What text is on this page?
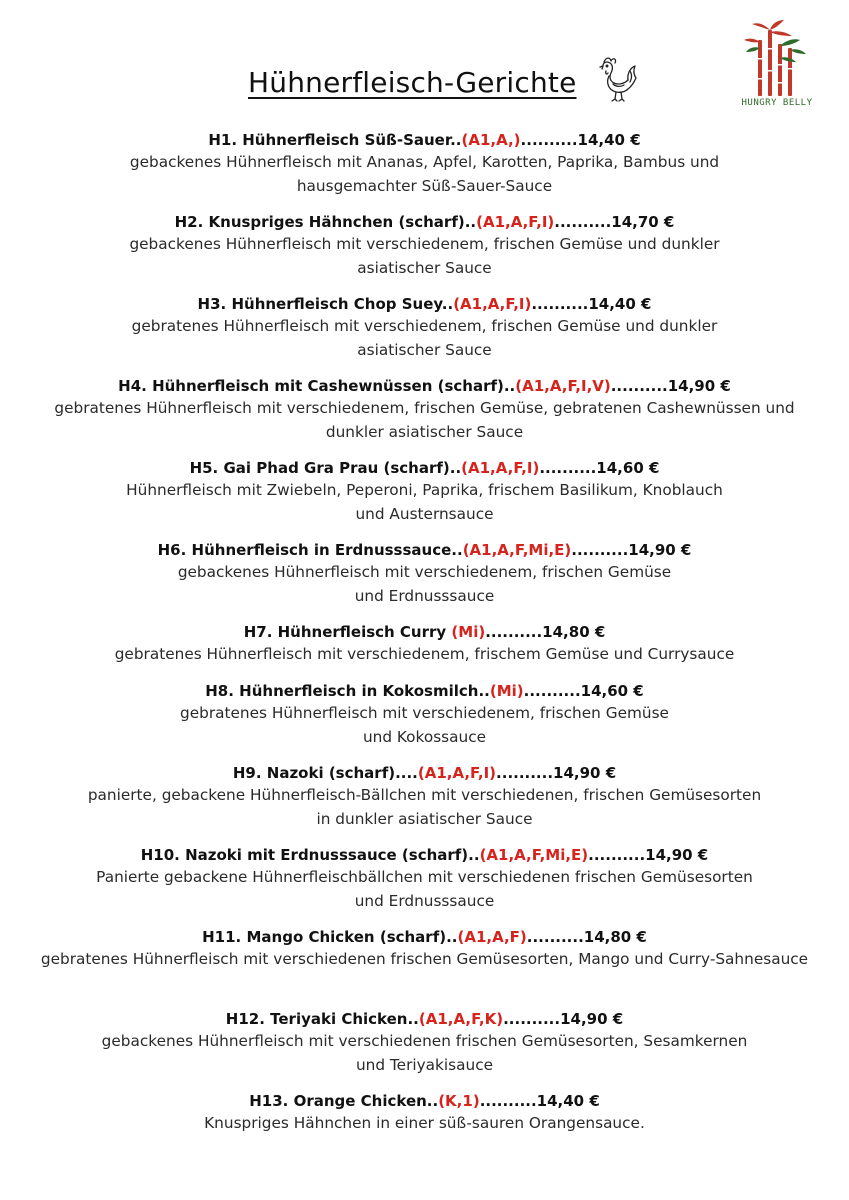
Hühnerfleisch-Gerichte
HUNGRY BELLY
H1. Hühnerfleisch Süß-Sauer..(A1,A,)..........14,40 €
gebackenes Hühnerfleisch mit Ananas, Apfel, Karotten, Paprika, Bambus und
hausgemachter Süß-Sauer-Sauce
H2. Knuspriges Hähnchen (scharf)..(A1,A,F,I)..........14,70 €
gebackenes Hühnerfleisch mit verschiedenem, frischen Gemüse und dunkler
asiatischer Sauce
H3. Hühnerfleisch Chop Suey..(A1,A,F,I)..........14,40 €
gebratenes Hühnerfleisch mit verschiedenem, frischen Gemüse und dunkler
asiatischer Sauce
H4. Hühnerfleisch mit Cashewnüssen (scharf)..(A1,A,F,I,V)..........14,90 €
gebratenes Hühnerfleisch mit verschiedenem, frischen Gemüse, gebratenen Cashewnüssen und
dunkler asiatischer Sauce
H5. Gai Phad Gra Prau (scharf)..(A1,A,F,I)..........14,60 €
Hühnerfleisch mit Zwiebeln, Peperoni, Paprika, frischem Basilikum, Knoblauch
und Austernsauce
H6. Hühnerfleisch in Erdnusssauce..(A1,A,F,Mi,E)..........14,90 €
gebackenes Hühnerfleisch mit verschiedenem, frischen Gemüse
und Erdnusssauce
H7. Hühnerfleisch Curry (Mi)..........14,80 €
gebratenes Hühnerfleisch mit verschiedenem, frischem Gemüse und Currysauce
H8. Hühnerfleisch in Kokosmilch..(Mi)..........14,60 €
gebratenes Hühnerfleisch mit verschiedenem, frischen Gemüse
und Kokossauce
H9. Nazoki (scharf)....(A1,A,F,I)..........14,90 €
panierte, gebackene Hühnerfleisch-Bällchen mit verschiedenen, frischen Gemüsesorten
in dunkler asiatischer Sauce
H10. Nazoki mit Erdnusssauce (scharf)..(A1,A,F,Mi,E)..........14,90 €
Panierte gebackene Hühnerfleischbällchen mit verschiedenen frischen Gemüsesorten
und Erdnusssauce
H11. Mango Chicken (scharf)..(A1,A,F)..........14,80 €
gebratenes Hühnerfleisch mit verschiedenen frischen Gemüsesorten, Mango und Curry-Sahnesauce
H12. Teriyaki Chicken..(A1,A,F,K)..........14,90 €
gebackenes Hühnerfleisch mit verschiedenen frischen Gemüsesorten, Sesamkernen
und Teriyakisauce
H13. Orange Chicken..(K,1)..........14,40 €
Knuspriges Hähnchen in einer süß-sauren Orangensauce.
